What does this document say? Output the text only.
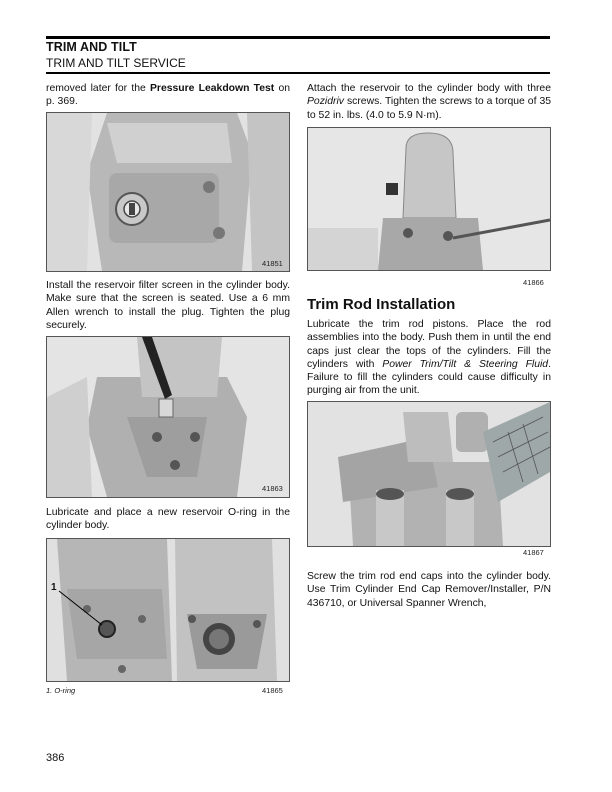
TRIM AND TILT
TRIM AND TILT SERVICE
removed later for the Pressure Leakdown Test on p. 369.
41851
Install the reservoir filter screen in the cylinder body. Make sure that the screen is seated. Use a 6 mm Allen wrench to install the plug. Tighten the plug securely.
41863
Lubricate and place a new reservoir O-ring in the cylinder body.
1
1. O-ring	41865
Attach the reservoir to the cylinder body with three Pozidriv screws. Tighten the screws to a torque of 35 to 52 in. lbs. (4.0 to 5.9 N·m).
41866
Trim Rod Installation
Lubricate the trim rod pistons. Place the rod assemblies into the body. Push them in until the end caps just clear the tops of the cylinders. Fill the cylinders with Power Trim/Tilt & Steering Fluid. Failure to fill the cylinders could cause difficulty in purging air from the unit.
41867
Screw the trim rod end caps into the cylinder body. Use Trim Cylinder End Cap Remover/Installer, P/N 436710, or Universal Spanner Wrench,
386
